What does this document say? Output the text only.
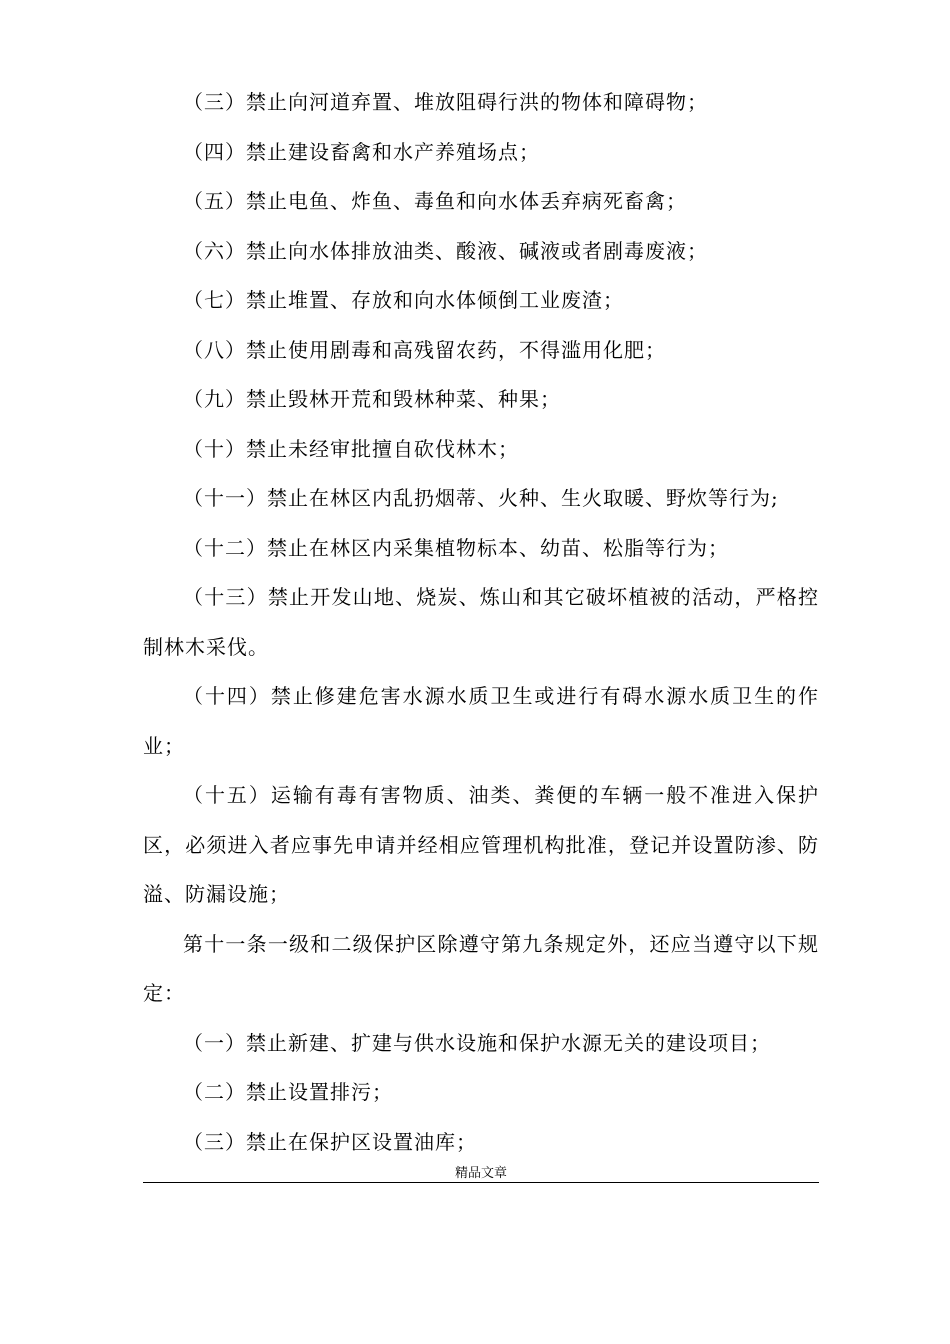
（三）禁止向河道弃置、堆放阻碍行洪的物体和障碍物；

（四）禁止建设畜禽和水产养殖场点；

（五）禁止电鱼、炸鱼、毒鱼和向水体丢弃病死畜禽；

（六）禁止向水体排放油类、酸液、碱液或者剧毒废液；

（七）禁止堆置、存放和向水体倾倒工业废渣；

（八）禁止使用剧毒和高残留农药，不得滥用化肥；

（九）禁止毁林开荒和毁林种菜、种果；

（十）禁止未经审批擅自砍伐林木；

（十一）禁止在林区内乱扔烟蒂、火种、生火取暖、野炊等行为;

（十二）禁止在林区内采集植物标本、幼苗、松脂等行为；

（十三）禁止开发山地、烧炭、炼山和其它破坏植被的活动，严格控制林木采伐。

（十四）禁止修建危害水源水质卫生或进行有碍水源水质卫生的作业；

（十五）运输有毒有害物质、油类、粪便的车辆一般不准进入保护区，必须进入者应事先申请并经相应管理机构批准，登记并设置防渗、防溢、防漏设施；

第十一条一级和二级保护区除遵守第九条规定外，还应当遵守以下规定：

（一）禁止新建、扩建与供水设施和保护水源无关的建设项目；

（二）禁止设置排污；

（三）禁止在保护区设置油库；

精品文章
